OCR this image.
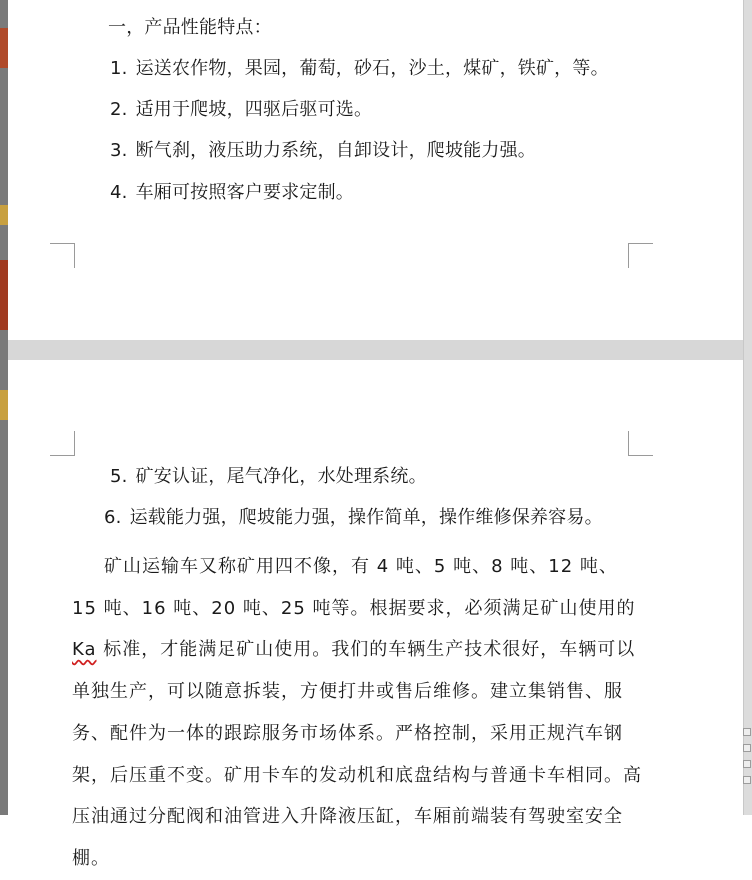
一，产品性能特点：
1. 运送农作物，果园，葡萄，砂石，沙土，煤矿，铁矿，等。
2. 适用于爬坡，四驱后驱可选。
3. 断气刹，液压助力系统，自卸设计，爬坡能力强。
4. 车厢可按照客户要求定制。
5. 矿安认证，尾气净化，水处理系统。
6. 运载能力强，爬坡能力强，操作简单，操作维修保养容易。
矿山运输车又称矿用四不像，有 4 吨、5 吨、8 吨、12 吨、15 吨、16 吨、20 吨、25 吨等。根据要求，必须满足矿山使用的 Ka 标准，才能满足矿山使用。我们的车辆生产技术很好，车辆可以单独生产，可以随意拆装，方便打井或售后维修。建立集销售、服务、配件为一体的跟踪服务市场体系。严格控制，采用正规汽车钢架，后压重不变。矿用卡车的发动机和底盘结构与普通卡车相同。高压油通过分配阀和油管进入升降液压缸，车厢前端装有驾驶室安全棚。
